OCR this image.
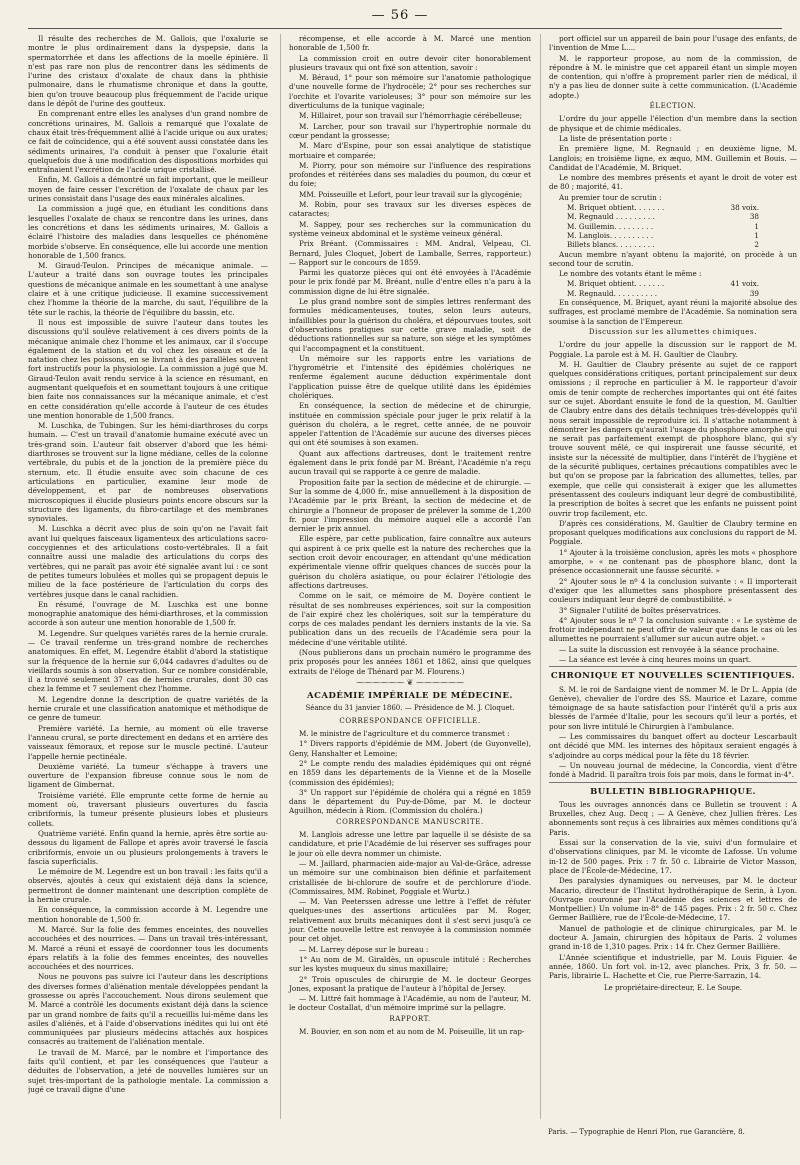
— 56 —

Il résulte des recherches de M. Gallois, que l'oxalurie se montre le plus ordinairement dans la dyspepsie, dans la spermatorrhée et dans les affections de la moelle épinière. Il n'est pas rare non plus de rencontrer dans les sédiments de l'urine des cristaux d'oxalate de chaux dans la phthisie pulmonaire, dans le rhumatisme chronique et dans la goutte, bien qu'on trouve beaucoup plus fréquemment de l'acide urique dans le dépôt de l'urine des goutteux.

En comprenant entre elles les analyses d'un grand nombre de concrétions urinaires, M. Gallois a remarqué que l'oxalate de chaux était très-fréquemment allié à l'acide urique ou aux urates; ce fait de coïncidence, qui a été souvent aussi constatée dans les sédiments urinaires, l'a conduit à penser que l'oxalurie était quelquefois due à une modification des dispositions morbides qui entraînaient l'excrétion de l'acide urique cristallisé.

Enfin, M. Gallois a démontré un fait important, que le meilleur moyen de faire cesser l'excrétion de l'oxalate de chaux par les urines consistait dans l'usage des eaux minérales alcalines.

La commission a jugé que, en étudiant les conditions dans lesquelles l'oxalate de chaux se rencontre dans les urines, dans les concrétions et dans les sédiments urinaires, M. Gallois a éclairé l'histoire des maladies dans lesquelles ce phénomène morbide s'observe. En conséquence, elle lui accorde une mention honorable de 1,500 francs.

M. Giraud-Teulon. Principes de mécanique animale. — L'auteur a traité dans son ouvrage toutes les principales questions de mécanique animale en les soumettant à une analyse claire et à une critique judicieuse. Il examine successivement chez l'homme la théorie de la marche, du saut, l'équilibre de la tête sur le rachis, la théorie de l'équilibre du bassin, etc.

Il nous est impossible de suivre l'auteur dans toutes les discussions qu'il soulève relativement à ces divers points de la mécanique animale chez l'homme et les animaux, car il s'occupe également de la station et du vol chez les oiseaux et de la natation chez les poissons, en se livrant à des parallèles souvent fort instructifs pour la physiologie. La commission a jugé que M. Giraud-Teulon avait rendu service à la science en résumant, en augmentant quelquefois et en soumettant toujours à une critique bien faite nos connaissances sur la mécanique animale, et c'est en cette considération qu'elle accorde à l'auteur de ces études une mention honorable de 1,500 francs.

M. Luschka, de Tubingen. Sur les hémi-diarthroses du corps humain. — C'est un travail d'anatomie humaine exécuté avec un très-grand soin. L'auteur fait observer d'abord que les hémi-diarthroses se trouvent sur la ligne médiane, celles de la colonne vertébrale, du pubis et de la jonction de la première pièce du sternum, etc. Il étudie ensuite avec soin chacune de ces articulations en particulier, examine leur mode de développement, et par de nombreuses observations microscopiques il élucide plusieurs points encore obscurs sur la structure des ligaments, du fibro-cartilage et des membranes synoviales.

M. Luschka a décrit avec plus de soin qu'on ne l'avait fait avant lui quelques faisceaux ligamenteux des articulations sacro-coccygiennes et des articulations costo-vertébrales. Il a fait connaître aussi une maladie des articulations du corps des vertèbres, qui ne paraît pas avoir été signalée avant lui : ce sont de petites tumeurs lobulées et molles qui se propagent depuis le milieu de la face postérieure de l'articulation du corps des vertèbres jusque dans le canal rachidien.

En résumé, l'ouvrage de M. Luschka est une bonne monographie anatomique des hémi-diarthroses, et la commission accorde à son auteur une mention honorable de 1,500 fr.

M. Legendre. Sur quelques variétés rares de la hernie crurale. — Ce travail renferme un très-grand nombre de recherches anatomiques. En effet, M. Legendre établit d'abord la statistique sur la fréquence de la hernie sur 6,044 cadavres d'adultes ou de vieillards soumis à son observation. Sur ce nombre considérable, il a trouvé seulement 37 cas de hernies crurales, dont 30 cas chez la femme et 7 seulement chez l'homme.

M. Legendre donne la description de quatre variétés de la hernie crurale et une classification anatomique et méthodique de ce genre de tumeur.

Première variété. La hernie, au moment où elle traverse l'anneau crural, se porte directement en dedans et en arrière des vaisseaux fémoraux, et repose sur le muscle pectiné. L'auteur l'appelle hernie pectinéale.

Deuxième variété. La tumeur s'échappe à travers une ouverture de l'expansion fibreuse connue sous le nom de ligament de Gimbernat.

Troisième variété. Elle emprunte cette forme de hernie au moment où, traversant plusieurs ouvertures du fascia cribriformis, la tumeur présente plusieurs lobes et plusieurs collets.

Quatrième variété. Enfin quand la hernie, après être sortie au-dessous du ligament de Fallope et après avoir traversé le fascia cribriformis, envoie un ou plusieurs prolongements à travers le fascia superficialis.

Le mémoire de M. Legendre est un bon travail : les faits qu'il a observés, ajoutés à ceux qui existaient déjà dans la science, permettront de donner maintenant une description complète de la hernie crurale.

En conséquence, la commission accorde à M. Legendre une mention honorable de 1,500 fr.

M. Marcé. Sur la folie des femmes enceintes, des nouvelles accouchées et des nourrices. — Dans un travail très-intéressant, M. Marcé a réuni et essayé de coordonner tous les documents épars relatifs à la folie des femmes enceintes, des nouvelles accouchées et des nourrices.

Nous ne pouvons pas suivre ici l'auteur dans les descriptions des diverses formes d'aliénation mentale développées pendant la grossesse ou après l'accouchement. Nous dirons seulement que M. Marcé a contrôlé les documents existant déjà dans la science par un grand nombre de faits qu'il a recueillis lui-même dans les asiles d'aliénés, et à l'aide d'observations inédites qui lui ont été communiquées par plusieurs médecins attachés aux hospices consacrés au traitement de l'aliénation mentale.

Le travail de M. Marcé, par le nombre et l'importance des faits qu'il contient, et par les conséquences que l'auteur a déduites de l'observation, a jeté de nouvelles lumières sur un sujet très-important de la pathologie mentale. La commission a jugé ce travail digne d'une

récompense, et elle accorde à M. Marcé une mention honorable de 1,500 fr.

La commission croit en outre devoir citer honorablement plusieurs travaux qui ont fixé son attention, savoir :

M. Béraud, 1° pour son mémoire sur l'anatomie pathologique d'une nouvelle forme de l'hydrocèle; 2° pour ses recherches sur l'orchite et l'ovarite varioleuses; 3° pour son mémoire sur les diverticulums de la tunique vaginale;

M. Hillairet, pour son travail sur l'hémorrhagie cérébelleuse;

M. Larcher, pour son travail sur l'hypertrophie normale du cœur pendant la grossesse;

M. Marc d'Espine, pour son essai analytique de statistique mortuaire et comparée;

M. Piorry, pour son mémoire sur l'influence des respirations profondes et réitérées dans ses maladies du poumon, du cœur et du foie;

MM. Poisseuille et Lefort, pour leur travail sur la glycogénie;

M. Robin, pour ses travaux sur les diverses espèces de cataractes;

M. Sappey, pour ses recherches sur la communication du système veineux abdominal et le système veineux général.

Prix Bréant. (Commissaires : MM. Andral, Velpeau, Cl. Bernard, Jules Cloquet, Jobert de Lamballe, Serres, rapporteur.) — Rapport sur le concours de 1859.

Parmi les quatorze pièces qui ont été envoyées à l'Académie pour le prix fondé par M. Bréant, nulle d'entre elles n'a paru à la commission digne de lui être signalée.

Le plus grand nombre sont de simples lettres renfermant des formules médicamenteuses, toutes, selon leurs auteurs, infaillibles pour la guérison du choléra, et dépourvues toutes, soit d'observations pratiques sur cette grave maladie, soit de déductions rationnelles sur sa nature, son siége et les symptômes qui l'accompagnent et la constituent.

Un mémoire sur les rapports entre les variations de l'hygrométrie et l'intensité des épidémies cholériques ne renferme également aucune déduction expérimentale dont l'application puisse être de quelque utilité dans les épidémies cholériques.

En conséquence, la section de médecine et de chirurgie, instituée en commission spéciale pour juger le prix relatif à la guérison du choléra, a le regret, cette année, de ne pouvoir appeler l'attention de l'Académie sur aucune des diverses pièces qui ont été soumises à son examen.

Quant aux affections dartreuses, dont le traitement rentre également dans le prix fondé par M. Bréant, l'Académie n'a reçu aucun travail qui se rapporte à ce genre de maladie.

Proposition faite par la section de médecine et de chirurgie. — Sur la somme de 4,000 fr., mise annuellement à la disposition de l'Académie par le prix Bréant, la section de médecine et de chirurgie a l'honneur de proposer de prélever la somme de 1,200 fr. pour l'impression du mémoire auquel elle a accordé l'an dernier le prix annuel.

Elle espère, par cette publication, faire connaître aux auteurs qui aspirent à ce prix quelle est la nature des recherches que la section croit devoir encourager, en attendant qu'une médication expérimentale vienne offrir quelques chances de succès pour la guérison du choléra asiatique, ou pour éclairer l'étiologie des affections dartreuses.

Comme on le sait, ce mémoire de M. Doyère contient le résultat de ses nombreuses expériences, soit sur la composition de l'air expiré chez les cholériques, soit sur la température du corps de ces malades pendant les derniers instants de la vie. Sa publication dans un des recueils de l'Académie sera pour la médecine d'une véritable utilité.

(Nous publierons dans un prochain numéro le programme des prix proposés pour les années 1861 et 1862, ainsi que quelques extraits de l'éloge de Thénard par M. Flourens.)

⁓⁓⁓⁓⁓⁓ ❦ ⁓⁓⁓⁓⁓⁓
ACADÉMIE IMPÉRIALE DE MÉDECINE.
Séance du 31 janvier 1860. — Présidence de M. J. Cloquet.
CORRESPONDANCE OFFICIELLE.

M. le ministre de l'agriculture et du commerce transmet :

1° Divers rapports d'épidémie de MM. Jobert (de Guyonvelle), Geny, Hanshalter et Lemoine;

2° Le compte rendu des maladies épidémiques qui ont régné en 1859 dans les départements de la Vienne et de la Moselle (commission des épidémies);

3° Un rapport sur l'épidémie de choléra qui a régné en 1859 dans le département du Puy-de-Dôme, par M. le docteur Aguilhon, médecin à Riom. (Commission du choléra.)

CORRESPONDANCE MANUSCRITE.

M. Langlois adresse une lettre par laquelle il se désiste de sa candidature, et prie l'Académie de lui réserver ses suffrages pour le jour où elle devra nommer un chimiste.

— M. Jaillard, pharmacien aide-major au Val-de-Grâce, adresse un mémoire sur une combinaison bien définie et parfaitement cristallisée de bi-chlorure de soufre et de perchlorure d'iode. (Commissaires, MM. Robinet, Poggiale et Wurtz.)

— M. Van Peeterssen adresse une lettre à l'effet de réfuter quelques-unes des assertions articulées par M. Roger, relativement aux bruits mécaniques dont il s'est servi jusqu'à ce jour. Cette nouvelle lettre est renvoyée à la commission nommée pour cet objet.

— M. Larrey dépose sur le bureau :

1° Au nom de M. Giraldès, un opuscule intitulé : Recherches sur les kystes muqueux du sinus maxillaire;

2° Trois opuscules de chirurgie de M. le docteur Georges Jones, exposant la pratique de l'auteur à l'hôpital de Jersey.

— M. Littré fait hommage à l'Académie, au nom de l'auteur, M. le docteur Costallat, d'un mémoire imprimé sur la pellagre.

RAPPORT.

M. Bouvier, en son nom et au nom de M. Poiseuille, lit un rap-

port officiel sur un appareil de bain pour l'usage des enfants, de l'invention de Mme L....

M. le rapporteur propose, au nom de la commission, de répondre à M. le ministre que cet appareil étant un simple moyen de contention, qui n'offre à proprement parler rien de médical, il n'y a pas lieu de donner suite à cette communication. (L'Académie adopte.)

ÉLECTION.

L'ordre du jour appelle l'élection d'un membre dans la section de physique et de chimie médicales.

La liste de présentation porte :

En première ligne, M. Regnauld ; en deuxième ligne, M. Langlois; en troisième ligne, ex æquo, MM. Guillemin et Bouis. — Candidat de l'Académie, M. Briquet.

Le nombre des membres présents et ayant le droit de voter est de 80 ; majorité, 41.

Au premier tour de scrutin :

M. Briquet obtient. . . . . . .	38 voix.
M. Regnauld . . . . . . . . .	38
M. Guillemin. . . . . . . . .	1
M. Langlois. . . . . . . . . .	1
Billets blancs. . . . . . . . .	2

Aucun membre n'ayant obtenu la majorité, on procède à un second tour de scrutin.

Le nombre des votants étant le même :

M. Briquet obtient. . . . . . .	41 voix.
M. Regnauld. . . . . . . . . .	39

En conséquence, M. Briquet, ayant réuni la majorité absolue des suffrages, est proclamé membre de l'Académie. Sa nomination sera soumise à la sanction de l'Empereur.

Discussion sur les allumettes chimiques.

L'ordre du jour appelle la discussion sur le rapport de M. Poggiale. La parole est à M. H. Gaultier de Claubry.

M. H. Gaultier de Claubry présente au sujet de ce rapport quelques considérations critiques, portant principalement sur deux omissions ; il reproche en particulier à M. le rapporteur d'avoir omis de tenir compte de recherches importantes qui ont été faites sur ce sujet. Abordant ensuite le fond de la question, M. Gaultier de Claubry entre dans des détails techniques très-développés qu'il nous serait impossible de reproduire ici. Il s'attache notamment à démontrer les dangers qu'aurait l'usage du phosphore amorphe qui ne serait pas parfaitement exempt de phosphore blanc, qui s'y trouve souvent mêlé, ce qui inspirerait une fausse sécurité, et insiste sur la nécessité de multiplier, dans l'intérêt de l'hygiène et de la sécurité publiques, certaines précautions compatibles avec le but qu'on se propose par la fabrication des allumettes, telles, par exemple, que celle qui consisterait à exiger que les allumettes présentassent des couleurs indiquant leur degré de combustibilité, la prescription de boîtes à secret que les enfants ne puissent point ouvrir trop facilement, etc.

D'après ces considérations, M. Gaultier de Claubry termine en proposant quelques modifications aux conclusions du rapport de M. Poggiale.

1° Ajouter à la troisième conclusion, après les mots « phosphore amorphe, » « ne contenant pas de phosphore blanc, dont la présence occasionnerait une fausse sécurité. »

2° Ajouter sous le nº 4 la conclusion suivante : « Il importerait d'exiger que les allumettes sans phosphore présentassent des couleurs indiquant leur degré de combustibilité. »

3° Signaler l'utilité de boîtes préservatrices.

4° Ajouter sous le nº 7 la conclusion suivante : « Le système de frottoir indépendant ne peut offrir de valeur que dans le cas où les allumettes ne pourraient s'allumer sur aucun autre objet. »

— La suite la discussion est renvoyée à la séance prochaine.

— La séance est levée à cinq heures moins un quart.

CHRONIQUE ET NOUVELLES SCIENTIFIQUES.

S. M. le roi de Sardaigne vient de nommer M. le Dr L. Appia (de Genève), chevalier de l'ordre des SS. Maurice et Lazare, comme témoignage de sa haute satisfaction pour l'intérêt qu'il a pris aux blessés de l'armée d'Italie, pour les secours qu'il leur a portés, et pour son livre intitulé le Chirurgien à l'ambulance.

— Les commissaires du banquet offert au docteur Lescarbault ont décidé que MM. les internes des hôpitaux seraient engagés à s'adjoindre au corps médical pour la fête du 18 février.

— Un nouveau journal de médecine, la Concordia, vient d'être fondé à Madrid. Il paraîtra trois fois par mois, dans le format in-4°.

BULLETIN BIBLIOGRAPHIQUE.

Tous les ouvrages annoncés dans ce Bulletin se trouvent : A Bruxelles, chez Aug. Decq ; — A Genève, chez Jullien frères. Les abonnements sont reçus à ces librairies aux mêmes conditions qu'à Paris.

Essai sur la conservation de la vie, suivi d'un formulaire et d'observations cliniques, par M. le vicomte de Lafosse. Un volume in-12 de 500 pages. Prix : 7 fr. 50 c. Librairie de Victor Masson, place de l'École-de-Médecine, 17.

Des paralysies dynamiques ou nerveuses, par M. le docteur Macario, directeur de l'Institut hydrothérapique de Serin, à Lyon. (Ouvrage couronné par l'Académie des sciences et lettres de Montpellier.) Un volume in-8° de 145 pages. Prix : 2 fr. 50 c. Chez Germer Baillière, rue de l'École-de-Médecine, 17.

Manuel de pathologie et de clinique chirurgicales, par M. le docteur A. Jamain, chirurgien des hôpitaux de Paris. 2 volumes grand in-18 de 1,310 pages. Prix : 14 fr. Chez Germer Baillière.

L'Année scientifique et industrielle, par M. Louis Figuier. 4e année, 1860. Un fort vol. in-12, avec planches. Prix, 3 fr. 50. — Paris, librairie L. Hachette et Cie, rue Pierre-Sarrazin, 14.

Le propriétaire-directeur, E. Le Soupe.
Paris. — Typographie de Henri Plon, rue Garancière, 8.
